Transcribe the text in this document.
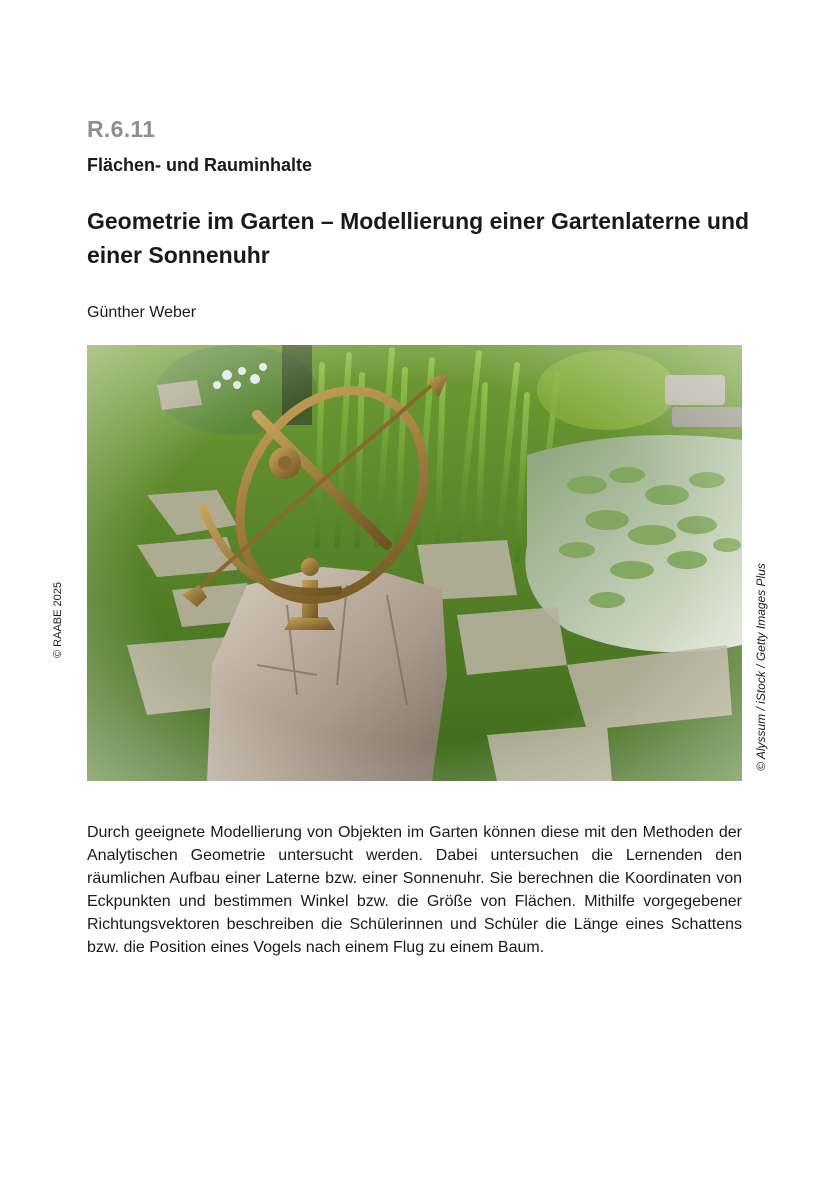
R.6.11
Flächen- und Rauminhalte
Geometrie im Garten – Modellierung einer Gartenlaterne und einer Sonnenuhr
Günther Weber
© RAABE 2025	© Alyssum / iStock / Getty Images Plus

Durch geeignete Modellierung von Objekten im Garten können diese mit den Methoden der Analytischen Geometrie untersucht werden. Dabei untersuchen die Lernenden den räumlichen Aufbau einer Laterne bzw. einer Sonnenuhr. Sie berechnen die Koordinaten von Eckpunkten und bestimmen Winkel bzw. die Größe von Flächen. Mithilfe vorgegebener Richtungsvektoren beschreiben die Schülerinnen und Schüler die Länge eines Schattens bzw. die Position eines Vogels nach einem Flug zu einem Baum.
